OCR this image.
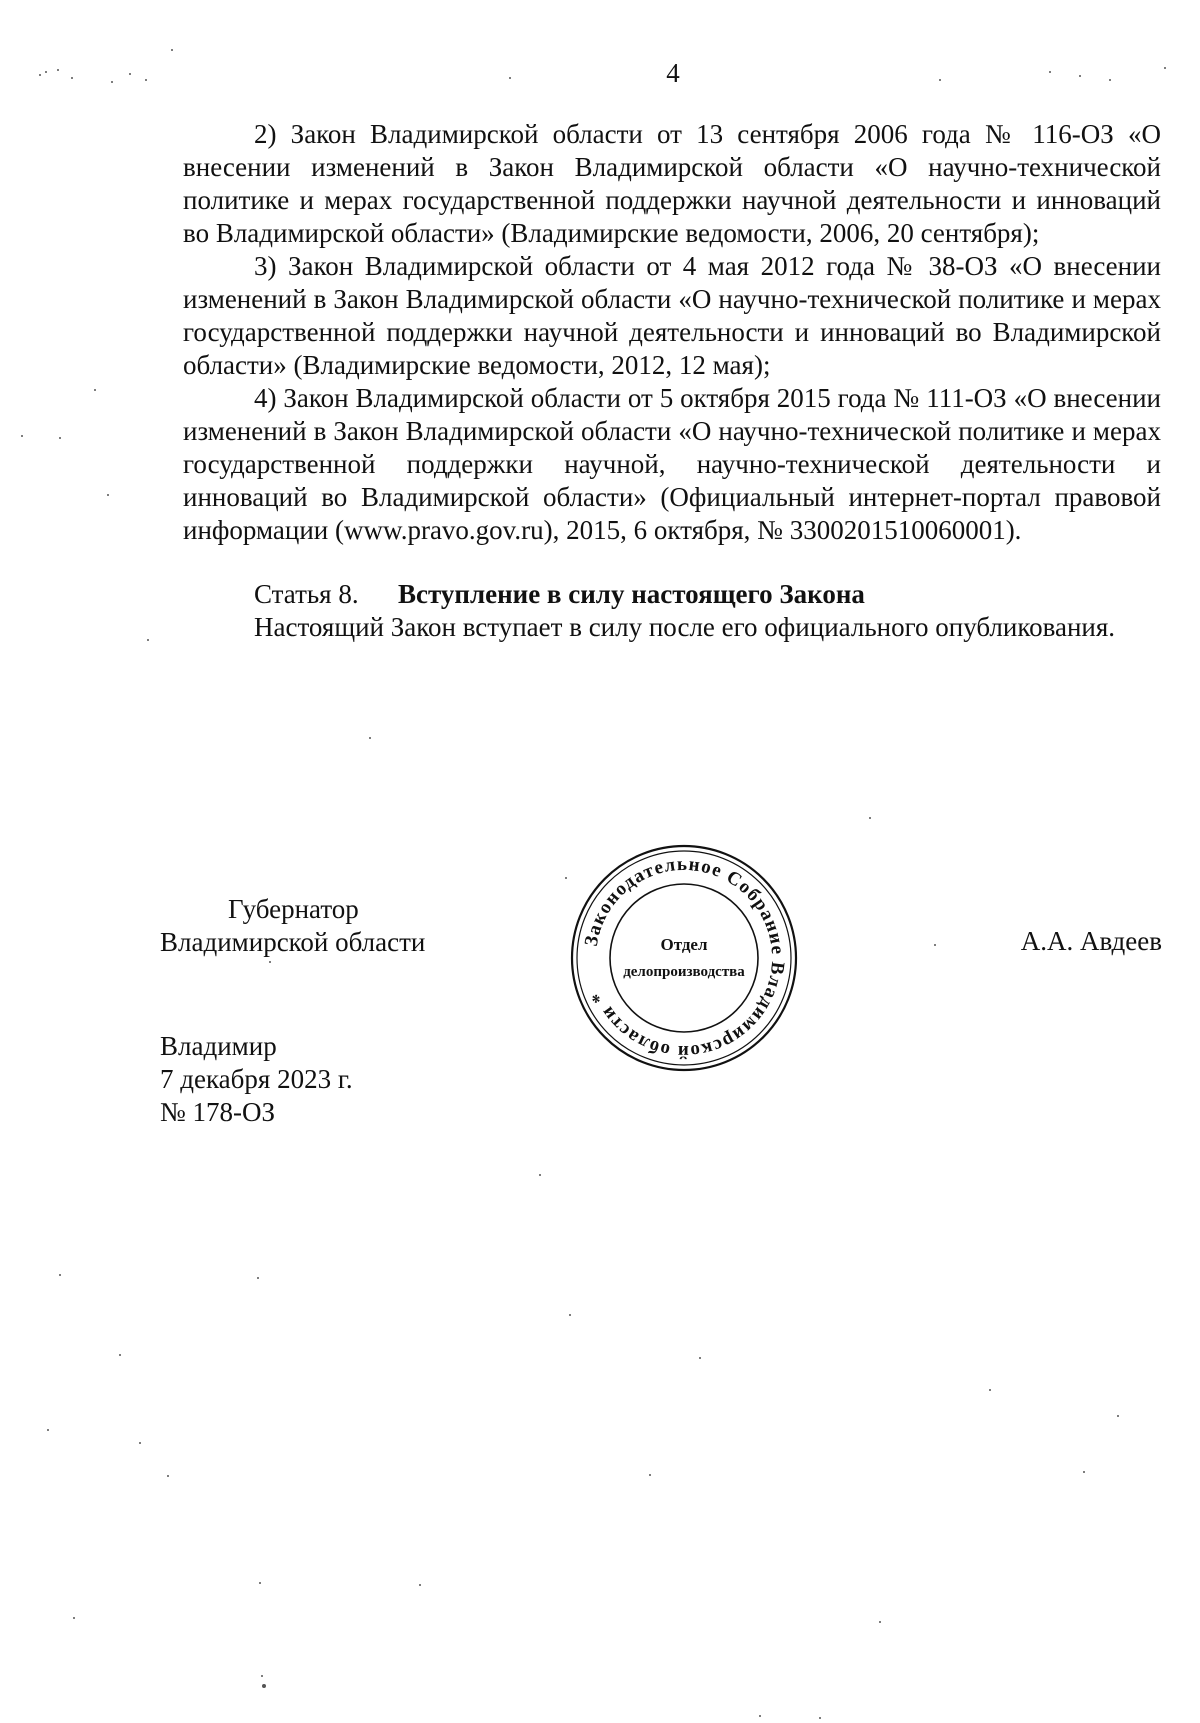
4

2) Закон Владимирской области от 13 сентября 2006 года № 116-ОЗ «О внесении изменений в Закон Владимирской области «О научно-технической политике и мерах государственной поддержки научной деятельности и инноваций во Владимирской области» (Владимирские ведомости, 2006, 20 сентября);

3) Закон Владимирской области от 4 мая 2012 года № 38-ОЗ «О внесении изменений в Закон Владимирской области «О научно-технической политике и мерах государственной поддержки научной деятельности и инноваций во Владимирской области» (Владимирские ведомости, 2012, 12 мая);

4) Закон Владимирской области от 5 октября 2015 года № 111-ОЗ «О внесении изменений в Закон Владимирской области «О научно-технической политике и мерах государственной поддержки научной, научно-технической деятельности и инноваций во Владимирской области» (Официальный интернет-портал правовой информации (www.pravo.gov.ru), 2015, 6 октября, № 3300201510060001).

Статья 8. Вступление в силу настоящего Закона

Настоящий Закон вступает в силу после его официального опубликования.

Губернатор
Владимирской области	А.А. Авдеев
Законодательное Собрание Владимирской области *
Отдел
делопроизводства
Владимир
7 декабря 2023 г.
№ 178-ОЗ
